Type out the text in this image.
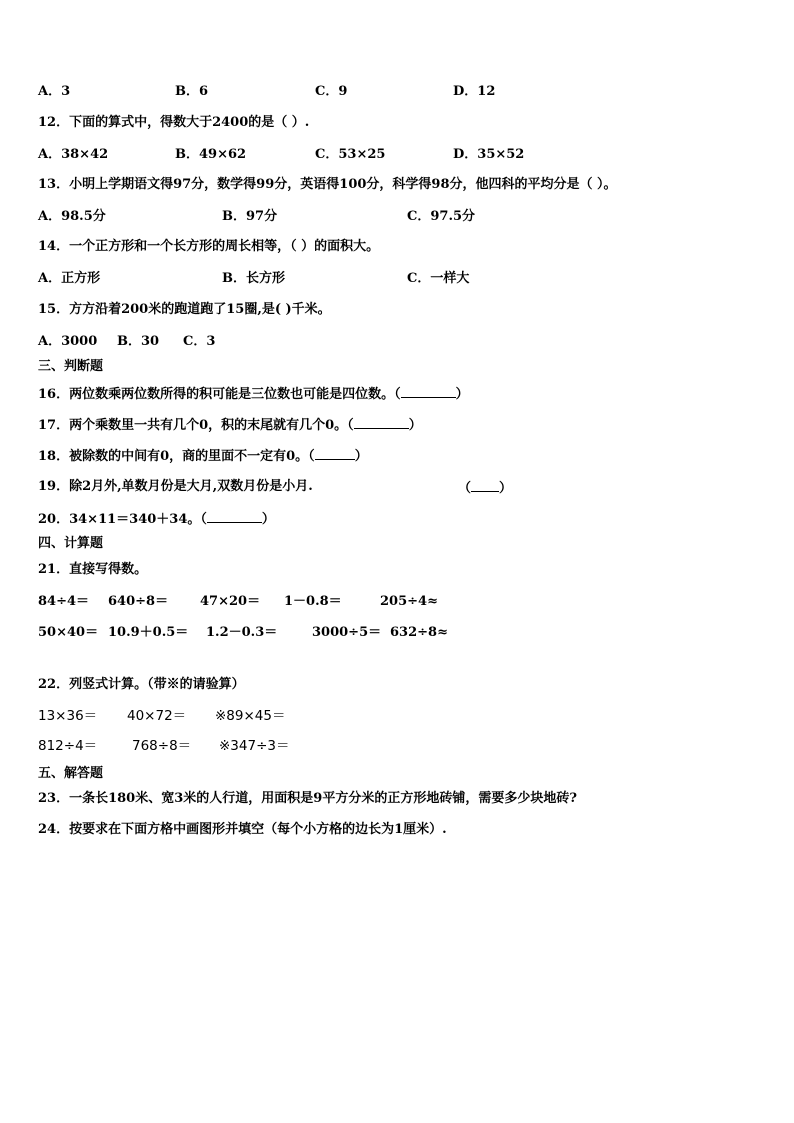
A．3	B．6	C．9	D．12
12．下面的算式中，得数大于2400的是（ ）.
A．38×42	B．49×62	C．53×25	D．35×52
13．小明上学期语文得97分，数学得99分，英语得100分，科学得98分，他四科的平均分是（ ）。
A．98.5分	B．97分	C．97.5分
14．一个正方形和一个长方形的周长相等，（ ）的面积大。
A．正方形	B．长方形	C．一样大
15．方方沿着200米的跑道跑了15圈,是( )千米。
A．3000 B．30 C．3
三、判断题
16．两位数乘两位数所得的积可能是三位数也可能是四位数。（	）
17．两个乘数里一共有几个0，积的末尾就有几个0。（	）
18．被除数的中间有0，商的里面不一定有0。（	）
19．除2月外,单数月份是大月,双数月份是小月.	（ ）
20．34×11＝340＋34。（	）
四、计算题
21．直接写得数。
84÷4＝ 640÷8＝ 47×20＝ 1－0.8＝	205÷4≈
50×40＝ 10.9＋0.5＝ 1.2－0.3＝	3000÷5＝ 632÷8≈
22．列竖式计算。（带※的请验算）
13×36＝ 40×72＝ ※89×45＝
812÷4＝	768÷8＝ ※347÷3＝
五、解答题
23．一条长180米、宽3米的人行道，用面积是9平方分米的正方形地砖铺，需要多少块地砖?
24．按要求在下面方格中画图形并填空（每个小方格的边长为1厘米）.
